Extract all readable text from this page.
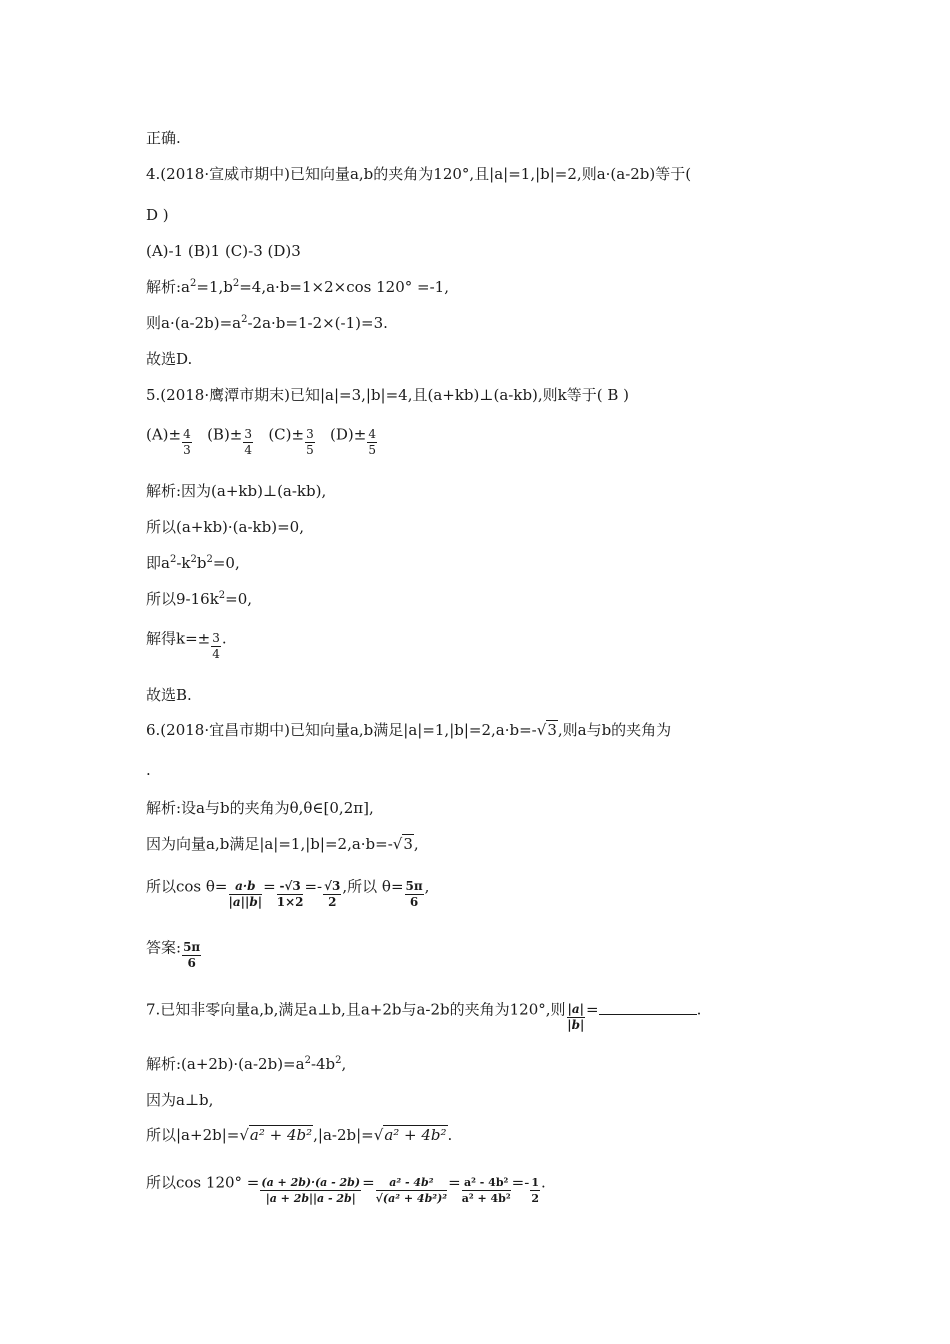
正确.
4.(2018·宣威市期中)已知向量a,b的夹角为120°,且|a|=1,|b|=2,则a·(a-2b)等于(
D )
(A)-1 (B)1 (C)-3 (D)3
解析$:a^2=1,b^2=4,a\cdot b=1\times 2\times\cos$ 120° =-1,
则$a\cdot(a-2b)=a^2-2a\cdot b=1-2\times(-1)=3$.
故选D.
5.(2018·鹰潭市期末)已知|a|=3,|b|=4,且(a+kb)⊥(a-kb),则k等于( B )
$(A)\pm \frac{4}{3} (B)\pm \frac{3}{4} (C)\pm \frac{3}{5} (D)\pm \frac{4}{5}$
解析:因为(a+kb)⊥(a-kb),
所以(a+kb)·(a-kb)=0,
即$a^2-k^2b^2=0$,
所以$9-16k^2=0$,
解得$k=\pm \frac{3}{4}$ .
故选B.
6.(2018·宜昌市期中)已知向量a,b满足|a|=1,|b|=2,a·b=-√3,则a与b的夹角为
.
解析:设a与b的夹角为θ,θ∈[0,2π],
因为向量a,b满足|a|=1,|b|=2,a·b=-√3,
所以$\cos \theta= \frac{a\cdot b}{|a||b|} = \frac{-√3}{1\times 2} =- \frac{√3}{2}$ ,所以 $\theta= \frac{5\pi}{6}$ ,
答案: $\frac{5\pi}{6}$
7.已知非零向量a,b,满足a⊥b,且a+2b与a-2b的夹角为120°,则 $\frac{|a|}{|b|}$ =	.
解析$:(a+2b)\cdot(a-2b)=a^2-4b^2$,
因为a⊥b,
所以|a+2b|=√a² + 4b²,|a-2b|=√a² + 4b².
所以$\cos 120^\circ = \frac{(a + 2b)\cdot(a - 2b)}{|a + 2b||a - 2b|} = \frac{\text{a² - 4b²}}{\text{√(a² + 4b²)²}} = \frac{\text{a² - 4b²}}{\text{a² + 4b²}} =- \frac{1}{2}$ .
